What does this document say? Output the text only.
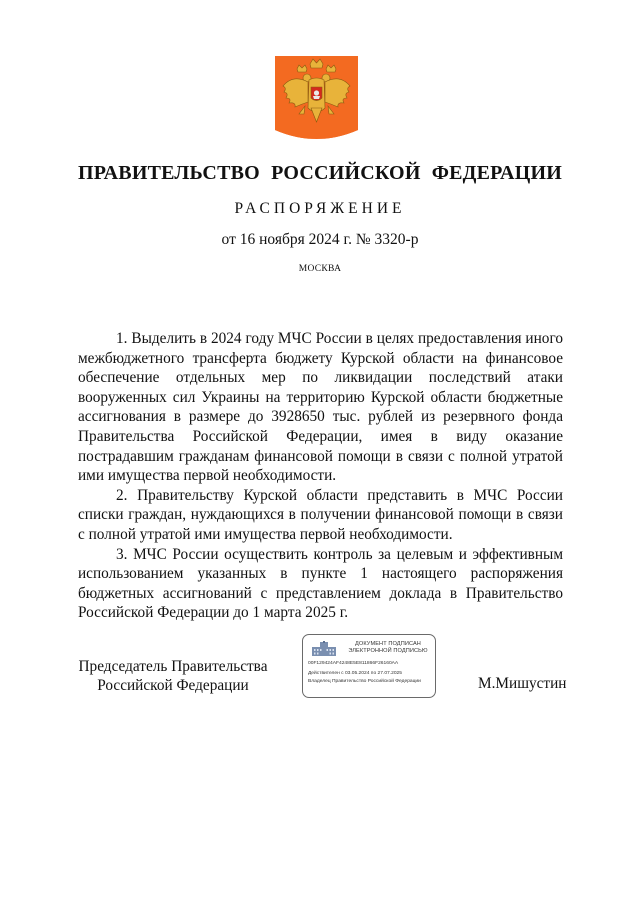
ПРАВИТЕЛЬСТВО РОССИЙСКОЙ ФЕДЕРАЦИИ
РАСПОРЯЖЕНИЕ
от 16 ноября 2024 г. № 3320-р
МОСКВА

1. Выделить в 2024 году МЧС России в целях предоставления иного межбюджетного трансферта бюджету Курской области на финансовое обеспечение отдельных мер по ликвидации последствий атаки вооруженных сил Украины на территорию Курской области бюджетные ассигнования в размере до 3928650 тыс. рублей из резервного фонда Правительства Российской Федерации, имея в виду оказание пострадавшим гражданам финансовой помощи в связи с полной утратой ими имущества первой необходимости.

2. Правительству Курской области представить в МЧС России списки граждан, нуждающихся в получении финансовой помощи в связи с полной утратой ими имущества первой необходимости.

3. МЧС России осуществить контроль за целевым и эффективным использованием указанных в пункте 1 настоящего распоряжения бюджетных ассигнований с представлением доклада в Правительство Российской Федерации до 1 марта 2025 г.

Председатель Правительства
Российской Федерации
ДОКУМЕНТ ПОДПИСАН
ЭЛЕКТРОННОЙ ПОДПИСЬЮ
00F129424AF4248E5E811866F26160AA
Действителен с 03.05.2024 по 27.07.2025
Владелец Правительство Российской Федерации	М.Мишустин
